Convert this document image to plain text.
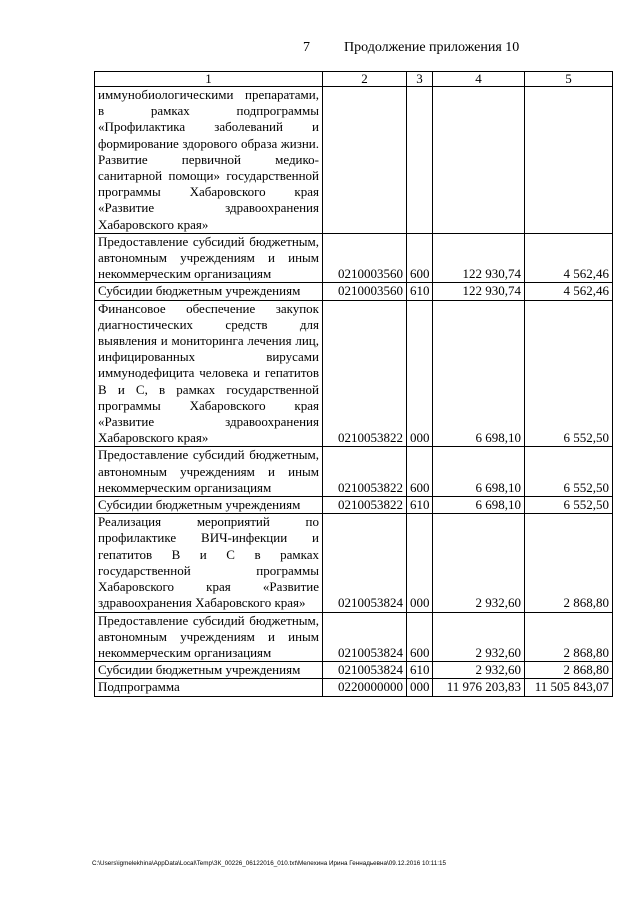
7 Продолжение приложения 10
1	2	3	4	5
иммунобиологическими препаратами, в рамках подпрограммы «Профилактика заболеваний и формирование здорового образа жизни. Развитие первичной медико-санитарной помощи» государственной программы Хабаровского края «Развитие здравоохранения Хабаровского края»				
Предоставление субсидий бюджетным, автономным учреждениям и иным некоммерческим организациям	0210003560	600	122 930,74	4 562,46
Субсидии бюджетным учреждениям	0210003560	610	122 930,74	4 562,46
Финансовое обеспечение закупок диагностических средств для выявления и мониторинга лечения лиц, инфицированных вирусами иммунодефицита человека и гепатитов В и С, в рамках государственной программы Хабаровского края «Развитие здравоохранения Хабаровского края»	0210053822	000	6 698,10	6 552,50
Предоставление субсидий бюджетным, автономным учреждениям и иным некоммерческим организациям	0210053822	600	6 698,10	6 552,50
Субсидии бюджетным учреждениям	0210053822	610	6 698,10	6 552,50
Реализация мероприятий по профилактике ВИЧ-инфекции и гепатитов В и С в рамках государственной программы Хабаровского края «Развитие здравоохранения Хабаровского края»	0210053824	000	2 932,60	2 868,80
Предоставление субсидий бюджетным, автономным учреждениям и иным некоммерческим организациям	0210053824	600	2 932,60	2 868,80
Субсидии бюджетным учреждениям	0210053824	610	2 932,60	2 868,80
Подпрограмма	0220000000	000	11 976 203,83	11 505 843,07
C:\Users\igmelekhina\AppData\Local\Temp\ЗК_00226_06122016_010.txt\Мелехина Ирина Геннадьевна\09.12.2016 10:11:15
